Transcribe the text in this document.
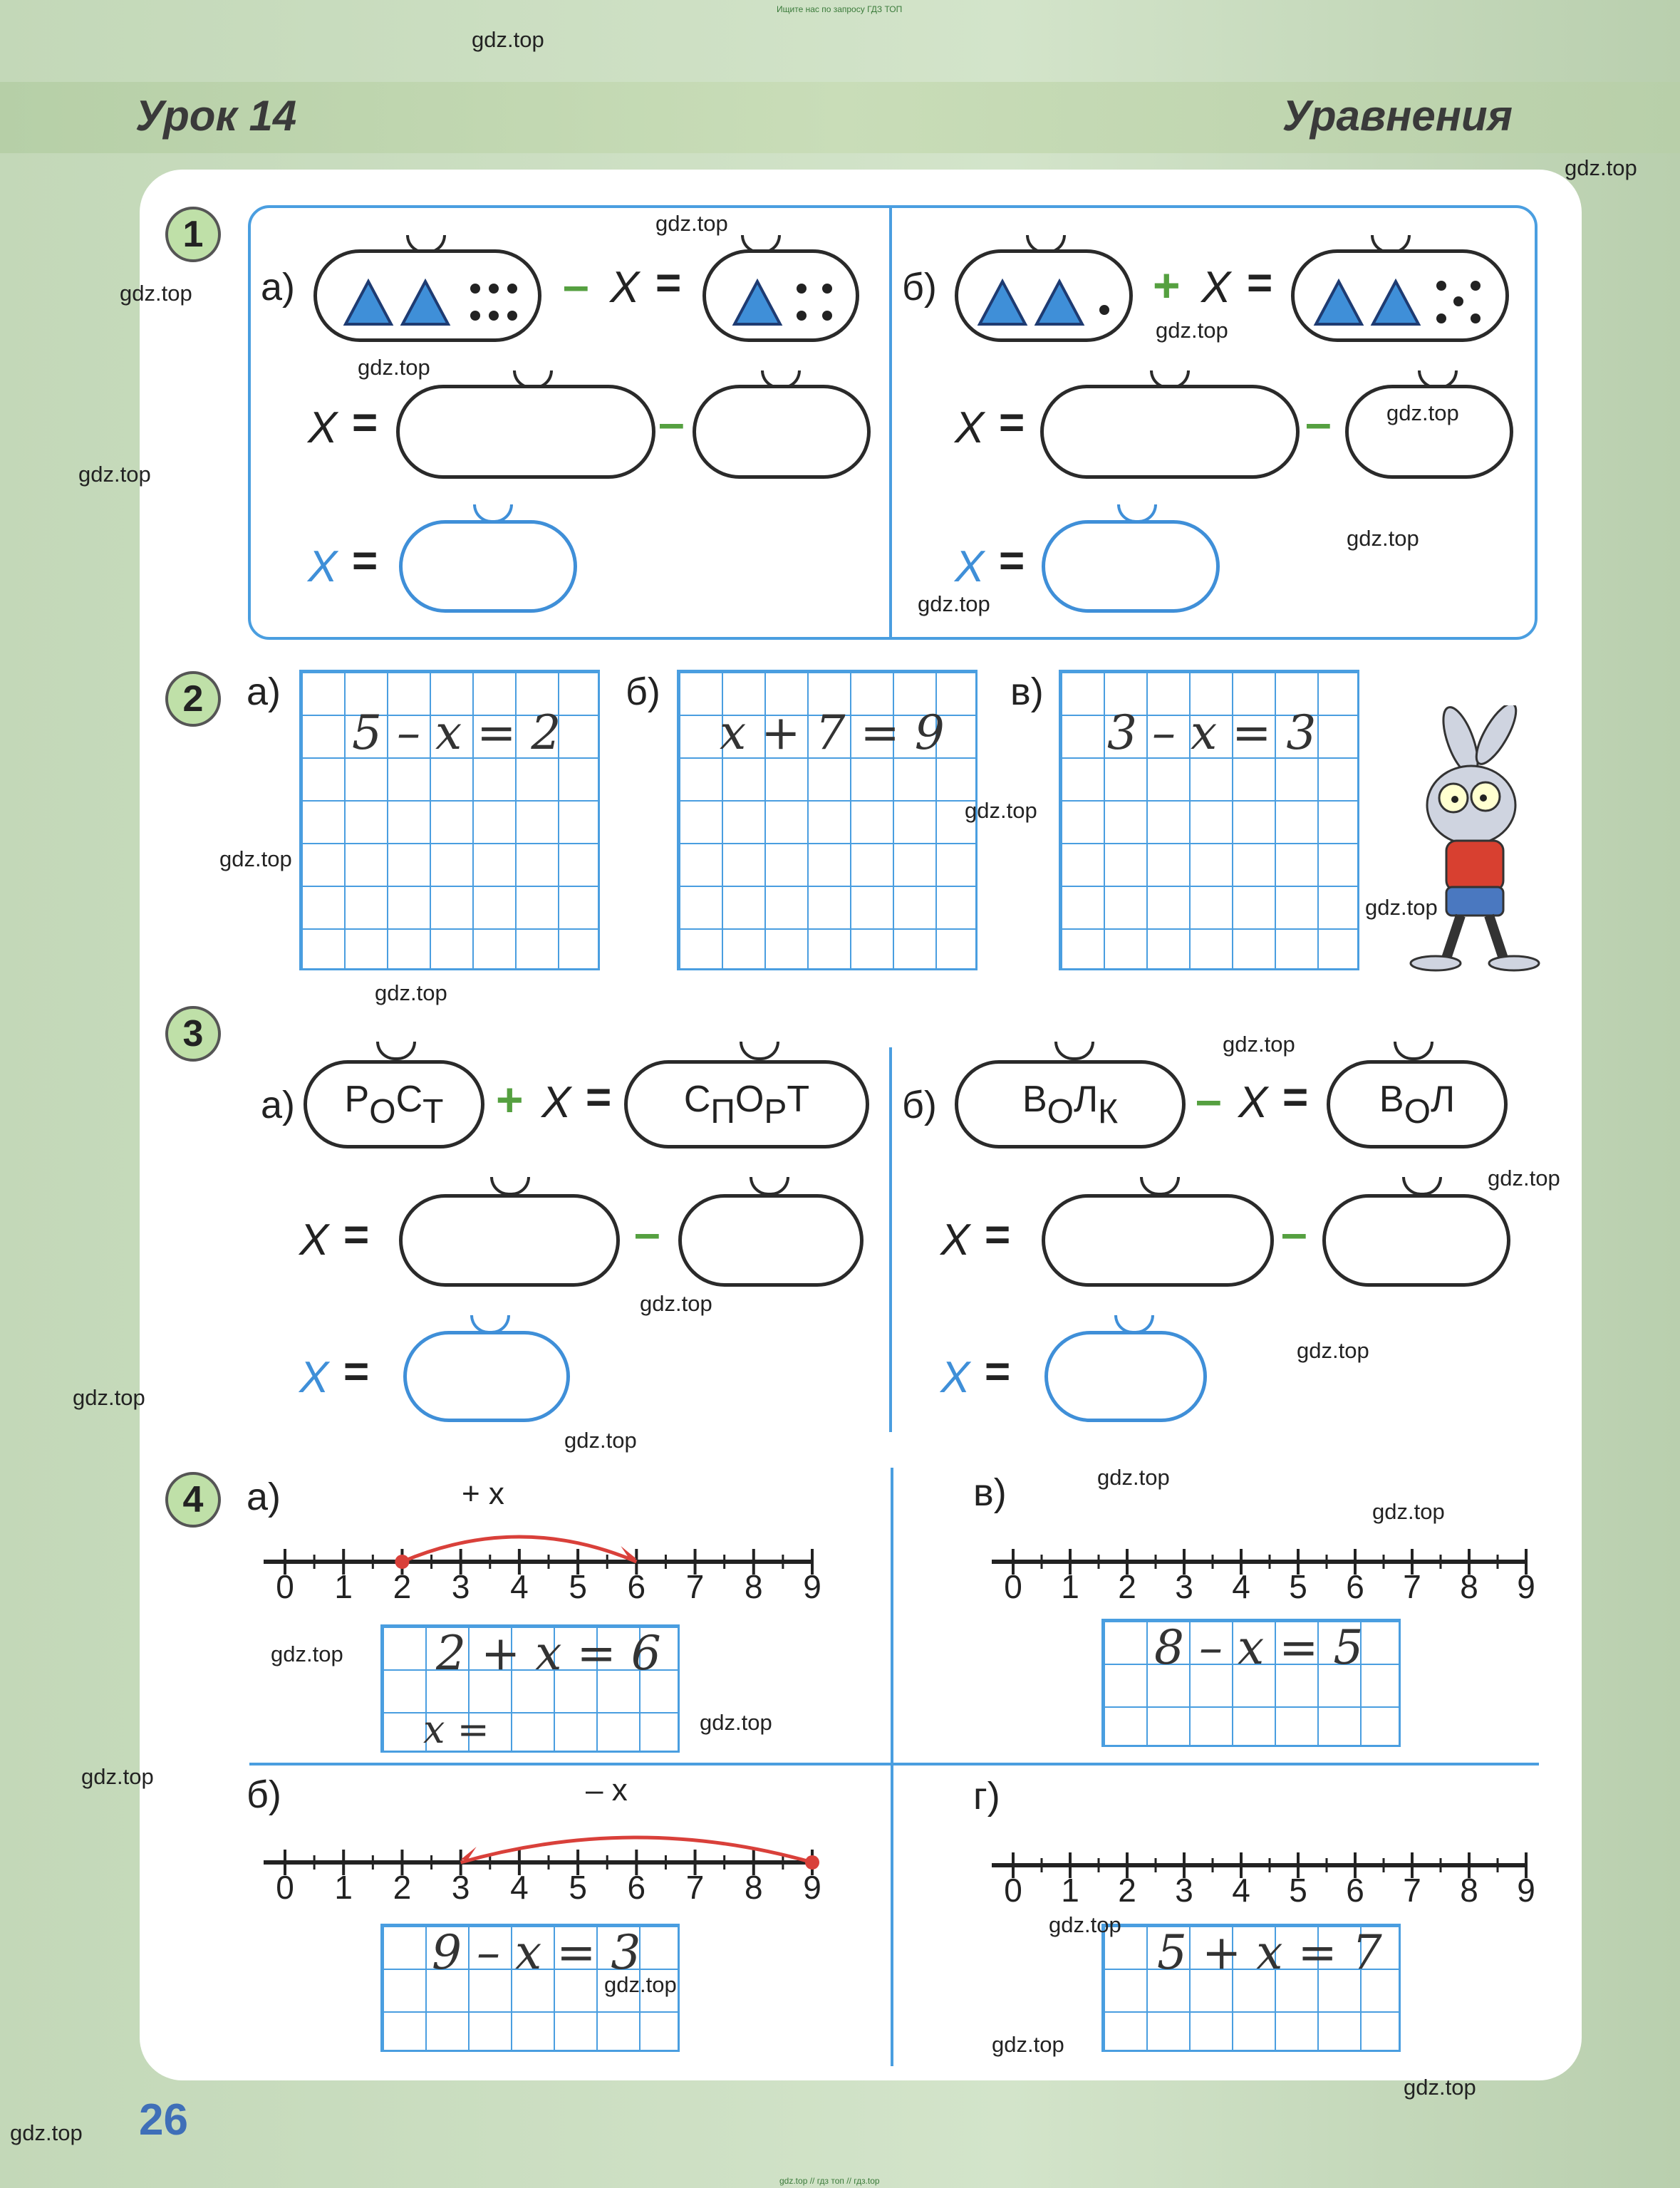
Ищите нас по запросу ГДЗ ТОП
Урок 14	Уравнения
1
а)	– X =
X =	–
X =
б)	+ X =
X =	–
X =
2	а)
5 – x = 2
б)
x + 7 = 9
в)
3 – x = 3
3
а) $Р_ОС_Т + X = С_ПО_РТ$
X =	–
X =
б) $В_ОЛ_К - X = В_ОЛ$
X =	–
X =
4	а)	+ x
0	1	2	3	4	5	6	7	8	9
2 + x = 6
x =
в)
0	1	2	3	4	5	6	7	8	9
8 – x = 5
б)	– x
0	1	2	3	4	5	6	7	8	9
9 – x = 3
г)
0	1	2	3	4	5	6	7	8	9
5 + x = 7
26
gdz.top // гдз топ // гдз.top
gdz.top
gdz.top
gdz.top
gdz.top
gdz.top
gdz.top
gdz.top
gdz.top
gdz.top
gdz.top
gdz.top
gdz.top
gdz.top
gdz.top
gdz.top
gdz.top
gdz.top
gdz.top
gdz.top
gdz.top
gdz.top
gdz.top
gdz.top
gdz.top
gdz.top
gdz.top
gdz.top
gdz.top
gdz.top
gdz.top
